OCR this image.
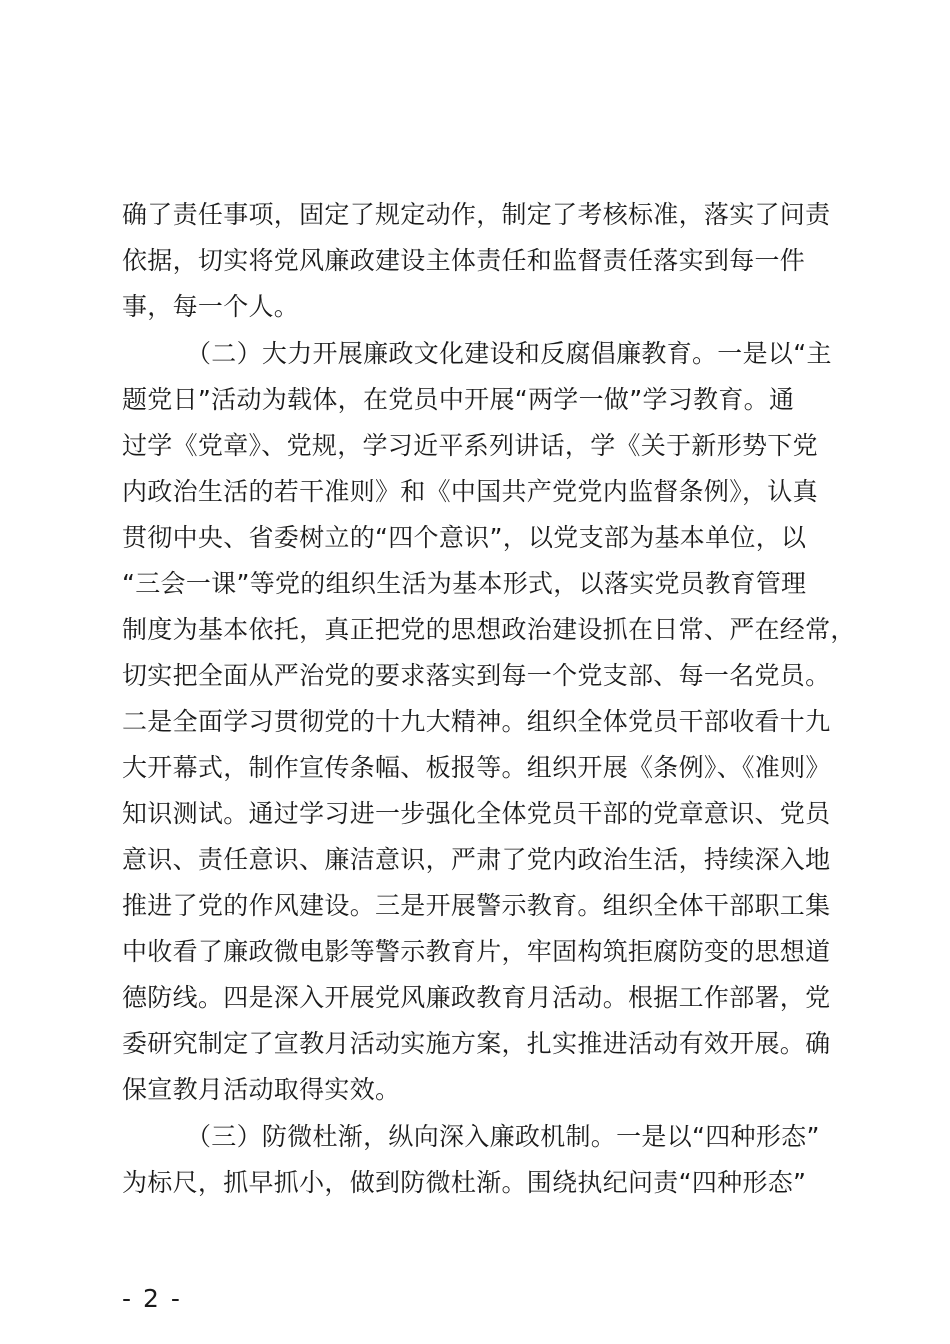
确了责任事项，固定了规定动作，制定了考核标准，落实了问责
依据，切实将党风廉政建设主体责任和监督责任落实到每一件
事，每一个人。
（二）大力开展廉政文化建设和反腐倡廉教育。一是以“主
题党日”活动为载体，在党员中开展“两学一做”学习教育。通
过学《党章》、党规，学习近平系列讲话，学《关于新形势下党
内政治生活的若干准则》和《中国共产党党内监督条例》，认真
贯彻中央、省委树立的“四个意识”，以党支部为基本单位，以
“三会一课”等党的组织生活为基本形式，以落实党员教育管理
制度为基本依托，真正把党的思想政治建设抓在日常、严在经常，
切实把全面从严治党的要求落实到每一个党支部、每一名党员。
二是全面学习贯彻党的十九大精神。组织全体党员干部收看十九
大开幕式，制作宣传条幅、板报等。组织开展《条例》、《准则》
知识测试。通过学习进一步强化全体党员干部的党章意识、党员
意识、责任意识、廉洁意识，严肃了党内政治生活，持续深入地
推进了党的作风建设。三是开展警示教育。组织全体干部职工集
中收看了廉政微电影等警示教育片，牢固构筑拒腐防变的思想道
德防线。四是深入开展党风廉政教育月活动。根据工作部署，党
委研究制定了宣教月活动实施方案，扎实推进活动有效开展。确
保宣教月活动取得实效。
（三）防微杜渐，纵向深入廉政机制。一是以“四种形态”
为标尺，抓早抓小，做到防微杜渐。围绕执纪问责“四种形态”
- 2 -
